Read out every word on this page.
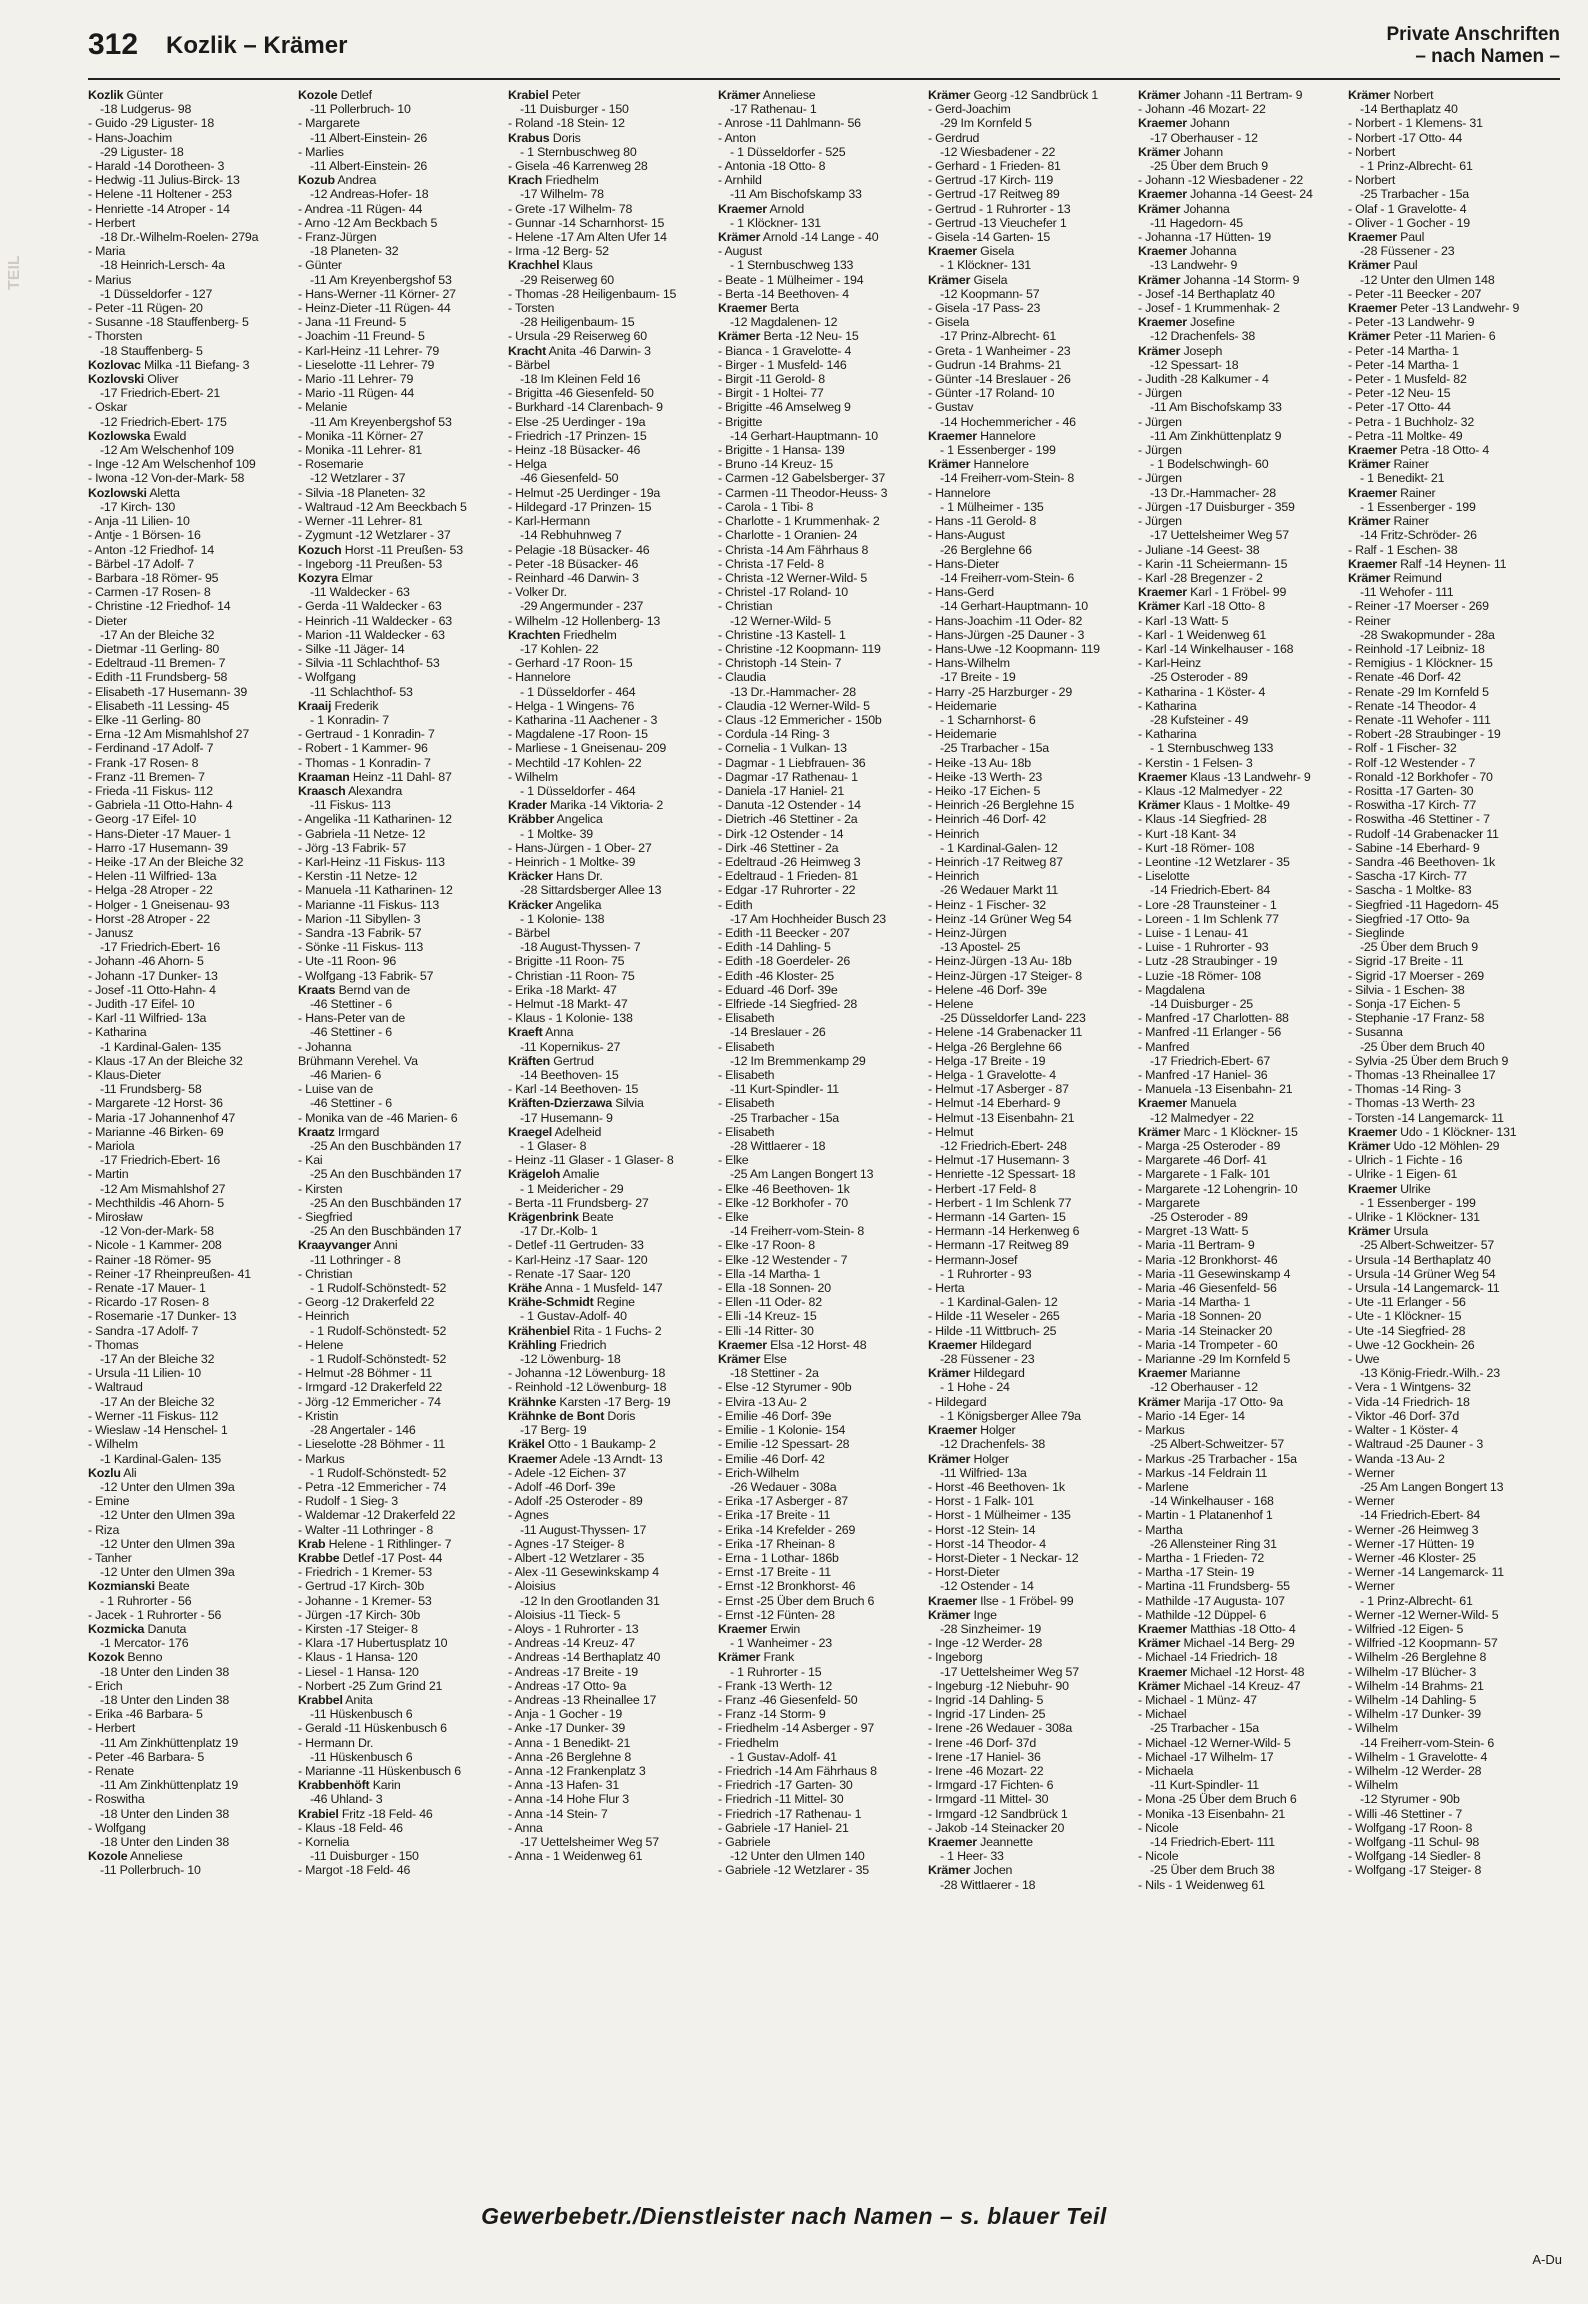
312 Kozlik – Krämer	Private Anschriften
– nach Namen –
TEIL
Kozlik Günter
-18 Ludgerus- 98
- Guido -29 Liguster- 18
- Hans-Joachim
-29 Liguster- 18
- Harald -14 Dorotheen- 3
- Hedwig -11 Julius-Birck- 13
- Helene -11 Holtener - 253
- Henriette -14 Atroper - 14
- Herbert
-18 Dr.-Wilhelm-Roelen- 279a
- Maria
-18 Heinrich-Lersch- 4a
- Marius
-1 Düsseldorfer - 127
- Peter -11 Rügen- 20
- Susanne -18 Stauffenberg- 5
- Thorsten
-18 Stauffenberg- 5
Kozlovac Milka -11 Biefang- 3
Kozlovski Oliver
-17 Friedrich-Ebert- 21
- Oskar
-12 Friedrich-Ebert- 175
Kozlowska Ewald
-12 Am Welschenhof 109
- Inge -12 Am Welschenhof 109
- Iwona -12 Von-der-Mark- 58
Kozlowski Aletta
-17 Kirch- 130
- Anja -11 Lilien- 10
- Antje - 1 Börsen- 16
- Anton -12 Friedhof- 14
- Bärbel -17 Adolf- 7
- Barbara -18 Römer- 95
- Carmen -17 Rosen- 8
- Christine -12 Friedhof- 14
- Dieter
-17 An der Bleiche 32
- Dietmar -11 Gerling- 80
- Edeltraud -11 Bremen- 7
- Edith -11 Frundsberg- 58
- Elisabeth -17 Husemann- 39
- Elisabeth -11 Lessing- 45
- Elke -11 Gerling- 80
- Erna -12 Am Mismahlshof 27
- Ferdinand -17 Adolf- 7
- Frank -17 Rosen- 8
- Franz -11 Bremen- 7
- Frieda -11 Fiskus- 112
- Gabriela -11 Otto-Hahn- 4
- Georg -17 Eifel- 10
- Hans-Dieter -17 Mauer- 1
- Harro -17 Husemann- 39
- Heike -17 An der Bleiche 32
- Helen -11 Wilfried- 13a
- Helga -28 Atroper - 22
- Holger - 1 Gneisenau- 93
- Horst -28 Atroper - 22
- Janusz
-17 Friedrich-Ebert- 16
- Johann -46 Ahorn- 5
- Johann -17 Dunker- 13
- Josef -11 Otto-Hahn- 4
- Judith -17 Eifel- 10
- Karl -11 Wilfried- 13a
- Katharina
-1 Kardinal-Galen- 135
- Klaus -17 An der Bleiche 32
- Klaus-Dieter
-11 Frundsberg- 58
- Margarete -12 Horst- 36
- Maria -17 Johannenhof 47
- Marianne -46 Birken- 69
- Mariola
-17 Friedrich-Ebert- 16
- Martin
-12 Am Mismahlshof 27
- Mechthildis -46 Ahorn- 5
- Mirosław
-12 Von-der-Mark- 58
- Nicole - 1 Kammer- 208
- Rainer -18 Römer- 95
- Reiner -17 Rheinpreußen- 41
- Renate -17 Mauer- 1
- Ricardo -17 Rosen- 8
- Rosemarie -17 Dunker- 13
- Sandra -17 Adolf- 7
- Thomas
-17 An der Bleiche 32
- Ursula -11 Lilien- 10
- Waltraud
-17 An der Bleiche 32
- Werner -11 Fiskus- 112
- Wieslaw -14 Henschel- 1
- Wilhelm
-1 Kardinal-Galen- 135
Kozlu Ali
-12 Unter den Ulmen 39a
- Emine
-12 Unter den Ulmen 39a
- Riza
-12 Unter den Ulmen 39a
- Tanher
-12 Unter den Ulmen 39a
Kozmianski Beate
- 1 Ruhrorter - 56
- Jacek - 1 Ruhrorter - 56
Kozmicka Danuta
-1 Mercator- 176
Kozok Benno
-18 Unter den Linden 38
- Erich
-18 Unter den Linden 38
- Erika -46 Barbara- 5
- Herbert
-11 Am Zinkhüttenplatz 19
- Peter -46 Barbara- 5
- Renate
-11 Am Zinkhüttenplatz 19
- Roswitha
-18 Unter den Linden 38
- Wolfgang
-18 Unter den Linden 38
Kozole Anneliese
-11 Pollerbruch- 10
Kozole Detlef
-11 Pollerbruch- 10
- Margarete
-11 Albert-Einstein- 26
- Marlies
-11 Albert-Einstein- 26
Kozub Andrea
-12 Andreas-Hofer- 18
- Andrea -11 Rügen- 44
- Arno -12 Am Beckbach 5
- Franz-Jürgen
-18 Planeten- 32
- Günter
-11 Am Kreyenbergshof 53
- Hans-Werner -11 Körner- 27
- Heinz-Dieter -11 Rügen- 44
- Jana -11 Freund- 5
- Joachim -11 Freund- 5
- Karl-Heinz -11 Lehrer- 79
- Lieselotte -11 Lehrer- 79
- Mario -11 Lehrer- 79
- Mario -11 Rügen- 44
- Melanie
-11 Am Kreyenbergshof 53
- Monika -11 Körner- 27
- Monika -11 Lehrer- 81
- Rosemarie
-12 Wetzlarer - 37
- Silvia -18 Planeten- 32
- Waltraud -12 Am Beeckbach 5
- Werner -11 Lehrer- 81
- Zygmunt -12 Wetzlarer - 37
Kozuch Horst -11 Preußen- 53
- Ingeborg -11 Preußen- 53
Kozyra Elmar
-11 Waldecker - 63
- Gerda -11 Waldecker - 63
- Heinrich -11 Waldecker - 63
- Marion -11 Waldecker - 63
- Silke -11 Jäger- 14
- Silvia -11 Schlachthof- 53
- Wolfgang
-11 Schlachthof- 53
Kraaij Frederik
- 1 Konradin- 7
- Gertraud - 1 Konradin- 7
- Robert - 1 Kammer- 96
- Thomas - 1 Konradin- 7
Kraaman Heinz -11 Dahl- 87
Kraasch Alexandra
-11 Fiskus- 113
- Angelika -11 Katharinen- 12
- Gabriela -11 Netze- 12
- Jörg -13 Fabrik- 57
- Karl-Heinz -11 Fiskus- 113
- Kerstin -11 Netze- 12
- Manuela -11 Katharinen- 12
- Marianne -11 Fiskus- 113
- Marion -11 Sibyllen- 3
- Sandra -13 Fabrik- 57
- Sönke -11 Fiskus- 113
- Ute -11 Roon- 96
- Wolfgang -13 Fabrik- 57
Kraats Bernd van de
-46 Stettiner - 6
- Hans-Peter van de
-46 Stettiner - 6
- Johanna
Brühmann Verehel. Va
-46 Marien- 6
- Luise van de
-46 Stettiner - 6
- Monika van de -46 Marien- 6
Kraatz Irmgard
-25 An den Buschbänden 17
- Kai
-25 An den Buschbänden 17
- Kirsten
-25 An den Buschbänden 17
- Siegfried
-25 An den Buschbänden 17
Kraayvanger Anni
-11 Lothringer - 8
- Christian
- 1 Rudolf-Schönstedt- 52
- Georg -12 Drakerfeld 22
- Heinrich
- 1 Rudolf-Schönstedt- 52
- Helene
- 1 Rudolf-Schönstedt- 52
- Helmut -28 Böhmer - 11
- Irmgard -12 Drakerfeld 22
- Jörg -12 Emmericher - 74
- Kristin
-28 Angertaler - 146
- Lieselotte -28 Böhmer - 11
- Markus
- 1 Rudolf-Schönstedt- 52
- Petra -12 Emmericher - 74
- Rudolf - 1 Sieg- 3
- Waldemar -12 Drakerfeld 22
- Walter -11 Lothringer - 8
Krab Helene - 1 Rithlinger- 7
Krabbe Detlef -17 Post- 44
- Friedrich - 1 Kremer- 53
- Gertrud -17 Kirch- 30b
- Johanne - 1 Kremer- 53
- Jürgen -17 Kirch- 30b
- Kirsten -17 Steiger- 8
- Klara -17 Hubertusplatz 10
- Klaus - 1 Hansa- 120
- Liesel - 1 Hansa- 120
- Norbert -25 Zum Grind 21
Krabbel Anita
-11 Hüskenbusch 6
- Gerald -11 Hüskenbusch 6
- Hermann Dr.
-11 Hüskenbusch 6
- Marianne -11 Hüskenbusch 6
Krabbenhöft Karin
-46 Uhland- 3
Krabiel Fritz -18 Feld- 46
- Klaus -18 Feld- 46
- Kornelia
-11 Duisburger - 150
- Margot -18 Feld- 46
Krabiel Peter
-11 Duisburger - 150
- Roland -18 Stein- 12
Krabus Doris
- 1 Sternbuschweg 80
- Gisela -46 Karrenweg 28
Krach Friedhelm
-17 Wilhelm- 78
- Grete -17 Wilhelm- 78
- Gunnar -14 Scharnhorst- 15
- Helene -17 Am Alten Ufer 14
- Irma -12 Berg- 52
Krachhel Klaus
-29 Reiserweg 60
- Thomas -28 Heiligenbaum- 15
- Torsten
-28 Heiligenbaum- 15
- Ursula -29 Reiserweg 60
Kracht Anita -46 Darwin- 3
- Bärbel
-18 Im Kleinen Feld 16
- Brigitta -46 Giesenfeld- 50
- Burkhard -14 Clarenbach- 9
- Else -25 Uerdinger - 19a
- Friedrich -17 Prinzen- 15
- Heinz -18 Büsacker- 46
- Helga
-46 Giesenfeld- 50
- Helmut -25 Uerdinger - 19a
- Hildegard -17 Prinzen- 15
- Karl-Hermann
-14 Rebhuhnweg 7
- Pelagie -18 Büsacker- 46
- Peter -18 Büsacker- 46
- Reinhard -46 Darwin- 3
- Volker Dr.
-29 Angermunder - 237
- Wilhelm -12 Hollenberg- 13
Krachten Friedhelm
-17 Kohlen- 22
- Gerhard -17 Roon- 15
- Hannelore
- 1 Düsseldorfer - 464
- Helga - 1 Wingens- 76
- Katharina -11 Aachener - 3
- Magdalene -17 Roon- 15
- Marliese - 1 Gneisenau- 209
- Mechtild -17 Kohlen- 22
- Wilhelm
- 1 Düsseldorfer - 464
Krader Marika -14 Viktoria- 2
Kräbber Angelica
- 1 Moltke- 39
- Hans-Jürgen - 1 Ober- 27
- Heinrich - 1 Moltke- 39
Kräcker Hans Dr.
-28 Sittardsberger Allee 13
Kräcker Angelika
- 1 Kolonie- 138
- Bärbel
-18 August-Thyssen- 7
- Brigitte -11 Roon- 75
- Christian -11 Roon- 75
- Erika -18 Markt- 47
- Helmut -18 Markt- 47
- Klaus - 1 Kolonie- 138
Kraeft Anna
-11 Kopernikus- 27
Kräften Gertrud
-14 Beethoven- 15
- Karl -14 Beethoven- 15
Kräften-Dzierzawa Silvia
-17 Husemann- 9
Kraegel Adelheid
- 1 Glaser- 8
- Heinz -11 Glaser - 1 Glaser- 8
Krägeloh Amalie
- 1 Meidericher - 29
- Berta -11 Frundsberg- 27
Krägenbrink Beate
-17 Dr.-Kolb- 1
- Detlef -11 Gertruden- 33
- Karl-Heinz -17 Saar- 120
- Renate -17 Saar- 120
Krähe Anna - 1 Musfeld- 147
Krähe-Schmidt Regine
- 1 Gustav-Adolf- 40
Krähenbiel Rita - 1 Fuchs- 2
Krähling Friedrich
-12 Löwenburg- 18
- Johanna -12 Löwenburg- 18
- Reinhold -12 Löwenburg- 18
Krähnke Karsten -17 Berg- 19
Krähnke de Bont Doris
-17 Berg- 19
Kräkel Otto - 1 Baukamp- 2
Kraemer Adele -13 Arndt- 13
- Adele -12 Eichen- 37
- Adolf -46 Dorf- 39e
- Adolf -25 Osteroder - 89
- Agnes
-11 August-Thyssen- 17
- Agnes -17 Steiger- 8
- Albert -12 Wetzlarer - 35
- Alex -11 Gesewinkskamp 4
- Aloisius
-12 In den Grootlanden 31
- Aloisius -11 Tieck- 5
- Aloys - 1 Ruhrorter - 13
- Andreas -14 Kreuz- 47
- Andreas -14 Berthaplatz 40
- Andreas -17 Breite - 19
- Andreas -17 Otto- 9a
- Andreas -13 Rheinallee 17
- Anja - 1 Gocher - 19
- Anke -17 Dunker- 39
- Anna - 1 Benedikt- 21
- Anna -26 Berglehne 8
- Anna -12 Frankenplatz 3
- Anna -13 Hafen- 31
- Anna -14 Hohe Flur 3
- Anna -14 Stein- 7
- Anna
-17 Uettelsheimer Weg 57
- Anna - 1 Weidenweg 61
Krämer Anneliese
-17 Rathenau- 1
- Anrose -11 Dahlmann- 56
- Anton
- 1 Düsseldorfer - 525
- Antonia -18 Otto- 8
- Arnhild
-11 Am Bischofskamp 33
Kraemer Arnold
- 1 Klöckner- 131
Krämer Arnold -14 Lange - 40
- August
- 1 Sternbuschweg 133
- Beate - 1 Mülheimer - 194
- Berta -14 Beethoven- 4
Kraemer Berta
-12 Magdalenen- 12
Krämer Berta -12 Neu- 15
- Bianca - 1 Gravelotte- 4
- Birger - 1 Musfeld- 146
- Birgit -11 Gerold- 8
- Birgit - 1 Holtei- 77
- Brigitte -46 Amselweg 9
- Brigitte
-14 Gerhart-Hauptmann- 10
- Brigitte - 1 Hansa- 139
- Bruno -14 Kreuz- 15
- Carmen -12 Gabelsberger- 37
- Carmen -11 Theodor-Heuss- 3
- Carola - 1 Tibi- 8
- Charlotte - 1 Krummenhak- 2
- Charlotte - 1 Oranien- 24
- Christa -14 Am Fährhaus 8
- Christa -17 Feld- 8
- Christa -12 Werner-Wild- 5
- Christel -17 Roland- 10
- Christian
-12 Werner-Wild- 5
- Christine -13 Kastell- 1
- Christine -12 Koopmann- 119
- Christoph -14 Stein- 7
- Claudia
-13 Dr.-Hammacher- 28
- Claudia -12 Werner-Wild- 5
- Claus -12 Emmericher - 150b
- Cordula -14 Ring- 3
- Cornelia - 1 Vulkan- 13
- Dagmar - 1 Liebfrauen- 36
- Dagmar -17 Rathenau- 1
- Daniela -17 Haniel- 21
- Danuta -12 Ostender - 14
- Dietrich -46 Stettiner - 2a
- Dirk -12 Ostender - 14
- Dirk -46 Stettiner - 2a
- Edeltraud -26 Heimweg 3
- Edeltraud - 1 Frieden- 81
- Edgar -17 Ruhrorter - 22
- Edith
-17 Am Hochheider Busch 23
- Edith -11 Beecker - 207
- Edith -14 Dahling- 5
- Edith -18 Goerdeler- 26
- Edith -46 Kloster- 25
- Eduard -46 Dorf- 39e
- Elfriede -14 Siegfried- 28
- Elisabeth
-14 Breslauer - 26
- Elisabeth
-12 Im Bremmenkamp 29
- Elisabeth
-11 Kurt-Spindler- 11
- Elisabeth
-25 Trarbacher - 15a
- Elisabeth
-28 Wittlaerer - 18
- Elke
-25 Am Langen Bongert 13
- Elke -46 Beethoven- 1k
- Elke -12 Borkhofer - 70
- Elke
-14 Freiherr-vom-Stein- 8
- Elke -17 Roon- 8
- Elke -12 Westender - 7
- Ella -14 Martha- 1
- Ella -18 Sonnen- 20
- Ellen -11 Oder- 82
- Elli -14 Kreuz- 15
- Elli -14 Ritter- 30
Kraemer Elsa -12 Horst- 48
Krämer Else
-18 Stettiner - 2a
- Else -12 Styrumer - 90b
- Elvira -13 Au- 2
- Emilie -46 Dorf- 39e
- Emilie - 1 Kolonie- 154
- Emilie -12 Spessart- 28
- Emilie -46 Dorf- 42
- Erich-Wilhelm
-26 Wedauer - 308a
- Erika -17 Asberger - 87
- Erika -17 Breite - 11
- Erika -14 Krefelder - 269
- Erika -17 Rheinan- 8
- Erna - 1 Lothar- 186b
- Ernst -17 Breite - 11
- Ernst -12 Bronkhorst- 46
- Ernst -25 Über dem Bruch 6
- Ernst -12 Fünten- 28
Kraemer Erwin
- 1 Wanheimer - 23
Krämer Frank
- 1 Ruhrorter - 15
- Frank -13 Werth- 12
- Franz -46 Giesenfeld- 50
- Franz -14 Storm- 9
- Friedhelm -14 Asberger - 97
- Friedhelm
- 1 Gustav-Adolf- 41
- Friedrich -14 Am Fährhaus 8
- Friedrich -17 Garten- 30
- Friedrich -11 Mittel- 30
- Friedrich -17 Rathenau- 1
- Gabriele -17 Haniel- 21
- Gabriele
-12 Unter den Ulmen 140
- Gabriele -12 Wetzlarer - 35
Krämer Georg -12 Sandbrück 1
- Gerd-Joachim
-29 Im Kornfeld 5
- Gerdrud
-12 Wiesbadener - 22
- Gerhard - 1 Frieden- 81
- Gertrud -17 Kirch- 119
- Gertrud -17 Reitweg 89
- Gertrud - 1 Ruhrorter - 13
- Gertrud -13 Vieuchefer 1
- Gisela -14 Garten- 15
Kraemer Gisela
- 1 Klöckner- 131
Krämer Gisela
-12 Koopmann- 57
- Gisela -17 Pass- 23
- Gisela
-17 Prinz-Albrecht- 61
- Greta - 1 Wanheimer - 23
- Gudrun -14 Brahms- 21
- Günter -14 Breslauer - 26
- Günter -17 Roland- 10
- Gustav
-14 Hochemmericher - 46
Kraemer Hannelore
- 1 Essenberger - 199
Krämer Hannelore
-14 Freiherr-vom-Stein- 8
- Hannelore
- 1 Mülheimer - 135
- Hans -11 Gerold- 8
- Hans-August
-26 Berglehne 66
- Hans-Dieter
-14 Freiherr-vom-Stein- 6
- Hans-Gerd
-14 Gerhart-Hauptmann- 10
- Hans-Joachim -11 Oder- 82
- Hans-Jürgen -25 Dauner - 3
- Hans-Uwe -12 Koopmann- 119
- Hans-Wilhelm
-17 Breite - 19
- Harry -25 Harzburger - 29
- Heidemarie
- 1 Scharnhorst- 6
- Heidemarie
-25 Trarbacher - 15a
- Heike -13 Au- 18b
- Heike -13 Werth- 23
- Heiko -17 Eichen- 5
- Heinrich -26 Berglehne 15
- Heinrich -46 Dorf- 42
- Heinrich
- 1 Kardinal-Galen- 12
- Heinrich -17 Reitweg 87
- Heinrich
-26 Wedauer Markt 11
- Heinz - 1 Fischer- 32
- Heinz -14 Grüner Weg 54
- Heinz-Jürgen
-13 Apostel- 25
- Heinz-Jürgen -13 Au- 18b
- Heinz-Jürgen -17 Steiger- 8
- Helene -46 Dorf- 39e
- Helene
-25 Düsseldorfer Land- 223
- Helene -14 Grabenacker 11
- Helga -26 Berglehne 66
- Helga -17 Breite - 19
- Helga - 1 Gravelotte- 4
- Helmut -17 Asberger - 87
- Helmut -14 Eberhard- 9
- Helmut -13 Eisenbahn- 21
- Helmut
-12 Friedrich-Ebert- 248
- Helmut -17 Husemann- 3
- Henriette -12 Spessart- 18
- Herbert -17 Feld- 8
- Herbert - 1 Im Schlenk 77
- Hermann -14 Garten- 15
- Hermann -14 Herkenweg 6
- Hermann -17 Reitweg 89
- Hermann-Josef
- 1 Ruhrorter - 93
- Herta
- 1 Kardinal-Galen- 12
- Hilde -11 Weseler - 265
- Hilde -11 Wittbruch- 25
Kraemer Hildegard
-28 Füssener - 23
Krämer Hildegard
- 1 Hohe - 24
- Hildegard
- 1 Königsberger Allee 79a
Kraemer Holger
-12 Drachenfels- 38
Krämer Holger
-11 Wilfried- 13a
- Horst -46 Beethoven- 1k
- Horst - 1 Falk- 101
- Horst - 1 Mülheimer - 135
- Horst -12 Stein- 14
- Horst -14 Theodor- 4
- Horst-Dieter - 1 Neckar- 12
- Horst-Dieter
-12 Ostender - 14
Kraemer Ilse - 1 Fröbel- 99
Krämer Inge
-28 Sinzheimer- 19
- Inge -12 Werder- 28
- Ingeborg
-17 Uettelsheimer Weg 57
- Ingeburg -12 Niebuhr- 90
- Ingrid -14 Dahling- 5
- Ingrid -17 Linden- 25
- Irene -26 Wedauer - 308a
- Irene -46 Dorf- 37d
- Irene -17 Haniel- 36
- Irene -46 Mozart- 22
- Irmgard -17 Fichten- 6
- Irmgard -11 Mittel- 30
- Irmgard -12 Sandbrück 1
- Jakob -14 Steinacker 20
Kraemer Jeannette
- 1 Heer- 33
Krämer Jochen
-28 Wittlaerer - 18
Krämer Johann -11 Bertram- 9
- Johann -46 Mozart- 22
Kraemer Johann
-17 Oberhauser - 12
Krämer Johann
-25 Über dem Bruch 9
- Johann -12 Wiesbadener - 22
Kraemer Johanna -14 Geest- 24
Krämer Johanna
-11 Hagedorn- 45
- Johanna -17 Hütten- 19
Kraemer Johanna
-13 Landwehr- 9
Krämer Johanna -14 Storm- 9
- Josef -14 Berthaplatz 40
- Josef - 1 Krummenhak- 2
Kraemer Josefine
-12 Drachenfels- 38
Krämer Joseph
-12 Spessart- 18
- Judith -28 Kalkumer - 4
- Jürgen
-11 Am Bischofskamp 33
- Jürgen
-11 Am Zinkhüttenplatz 9
- Jürgen
- 1 Bodelschwingh- 60
- Jürgen
-13 Dr.-Hammacher- 28
- Jürgen -17 Duisburger - 359
- Jürgen
-17 Uettelsheimer Weg 57
- Juliane -14 Geest- 38
- Karin -11 Scheiermann- 15
- Karl -28 Bregenzer - 2
Kraemer Karl - 1 Fröbel- 99
Krämer Karl -18 Otto- 8
- Karl -13 Watt- 5
- Karl - 1 Weidenweg 61
- Karl -14 Winkelhauser - 168
- Karl-Heinz
-25 Osteroder - 89
- Katharina - 1 Köster- 4
- Katharina
-28 Kufsteiner - 49
- Katharina
- 1 Sternbuschweg 133
- Kerstin - 1 Felsen- 3
Kraemer Klaus -13 Landwehr- 9
- Klaus -12 Malmedyer - 22
Krämer Klaus - 1 Moltke- 49
- Klaus -14 Siegfried- 28
- Kurt -18 Kant- 34
- Kurt -18 Römer- 108
- Leontine -12 Wetzlarer - 35
- Liselotte
-14 Friedrich-Ebert- 84
- Lore -28 Traunsteiner - 1
- Loreen - 1 Im Schlenk 77
- Luise - 1 Lenau- 41
- Luise - 1 Ruhrorter - 93
- Lutz -28 Straubinger - 19
- Luzie -18 Römer- 108
- Magdalena
-14 Duisburger - 25
- Manfred -17 Charlotten- 88
- Manfred -11 Erlanger - 56
- Manfred
-17 Friedrich-Ebert- 67
- Manfred -17 Haniel- 36
- Manuela -13 Eisenbahn- 21
Kraemer Manuela
-12 Malmedyer - 22
Krämer Marc - 1 Klöckner- 15
- Marga -25 Osteroder - 89
- Margarete -46 Dorf- 41
- Margarete - 1 Falk- 101
- Margarete -12 Lohengrin- 10
- Margarete
-25 Osteroder - 89
- Margret -13 Watt- 5
- Maria -11 Bertram- 9
- Maria -12 Bronkhorst- 46
- Maria -11 Gesewinskamp 4
- Maria -46 Giesenfeld- 56
- Maria -14 Martha- 1
- Maria -18 Sonnen- 20
- Maria -14 Steinacker 20
- Maria -14 Trompeter - 60
- Marianne -29 Im Kornfeld 5
Kraemer Marianne
-12 Oberhauser - 12
Krämer Marija -17 Otto- 9a
- Mario -14 Eger- 14
- Markus
-25 Albert-Schweitzer- 57
- Markus -25 Trarbacher - 15a
- Markus -14 Feldrain 11
- Marlene
-14 Winkelhauser - 168
- Martin - 1 Platanenhof 1
- Martha
-26 Allensteiner Ring 31
- Martha - 1 Frieden- 72
- Martha -17 Stein- 19
- Martina -11 Frundsberg- 55
- Mathilde -17 Augusta- 107
- Mathilde -12 Düppel- 6
Kraemer Matthias -18 Otto- 4
Krämer Michael -14 Berg- 29
- Michael -14 Friedrich- 18
Kraemer Michael -12 Horst- 48
Krämer Michael -14 Kreuz- 47
- Michael - 1 Münz- 47
- Michael
-25 Trarbacher - 15a
- Michael -12 Werner-Wild- 5
- Michael -17 Wilhelm- 17
- Michaela
-11 Kurt-Spindler- 11
- Mona -25 Über dem Bruch 6
- Monika -13 Eisenbahn- 21
- Nicole
-14 Friedrich-Ebert- 111
- Nicole
-25 Über dem Bruch 38
- Nils - 1 Weidenweg 61
Krämer Norbert
-14 Berthaplatz 40
- Norbert - 1 Klemens- 31
- Norbert -17 Otto- 44
- Norbert
- 1 Prinz-Albrecht- 61
- Norbert
-25 Trarbacher - 15a
- Olaf - 1 Gravelotte- 4
- Oliver - 1 Gocher - 19
Kraemer Paul
-28 Füssener - 23
Krämer Paul
-12 Unter den Ulmen 148
- Peter -11 Beecker - 207
Kraemer Peter -13 Landwehr- 9
- Peter -13 Landwehr- 9
Krämer Peter -11 Marien- 6
- Peter -14 Martha- 1
- Peter -14 Martha- 1
- Peter - 1 Musfeld- 82
- Peter -12 Neu- 15
- Peter -17 Otto- 44
- Petra - 1 Buchholz- 32
- Petra -11 Moltke- 49
Kraemer Petra -18 Otto- 4
Krämer Rainer
- 1 Benedikt- 21
Kraemer Rainer
- 1 Essenberger - 199
Krämer Rainer
-14 Fritz-Schröder- 26
- Ralf - 1 Eschen- 38
Kraemer Ralf -14 Heynen- 11
Krämer Reimund
-11 Wehofer - 111
- Reiner -17 Moerser - 269
- Reiner
-28 Swakopmunder - 28a
- Reinhold -17 Leibniz- 18
- Remigius - 1 Klöckner- 15
- Renate -46 Dorf- 42
- Renate -29 Im Kornfeld 5
- Renate -14 Theodor- 4
- Renate -11 Wehofer - 111
- Robert -28 Straubinger - 19
- Rolf - 1 Fischer- 32
- Rolf -12 Westender - 7
- Ronald -12 Borkhofer - 70
- Rositta -17 Garten- 30
- Roswitha -17 Kirch- 77
- Roswitha -46 Stettiner - 7
- Rudolf -14 Grabenacker 11
- Sabine -14 Eberhard- 9
- Sandra -46 Beethoven- 1k
- Sascha -17 Kirch- 77
- Sascha - 1 Moltke- 83
- Siegfried -11 Hagedorn- 45
- Siegfried -17 Otto- 9a
- Sieglinde
-25 Über dem Bruch 9
- Sigrid -17 Breite - 11
- Sigrid -17 Moerser - 269
- Silvia - 1 Eschen- 38
- Sonja -17 Eichen- 5
- Stephanie -17 Franz- 58
- Susanna
-25 Über dem Bruch 40
- Sylvia -25 Über dem Bruch 9
- Thomas -13 Rheinallee 17
- Thomas -14 Ring- 3
- Thomas -13 Werth- 23
- Torsten -14 Langemarck- 11
Kraemer Udo - 1 Klöckner- 131
Krämer Udo -12 Möhlen- 29
- Ulrich - 1 Fichte - 16
- Ulrike - 1 Eigen- 61
Kraemer Ulrike
- 1 Essenberger - 199
- Ulrike - 1 Klöckner- 131
Krämer Ursula
-25 Albert-Schweitzer- 57
- Ursula -14 Berthaplatz 40
- Ursula -14 Grüner Weg 54
- Ursula -14 Langemarck- 11
- Ute -11 Erlanger - 56
- Ute - 1 Klöckner- 15
- Ute -14 Siegfried- 28
- Uwe -12 Gockhein- 26
- Uwe
-13 König-Friedr.-Wilh.- 23
- Vera - 1 Wintgens- 32
- Vida -14 Friedrich- 18
- Viktor -46 Dorf- 37d
- Walter - 1 Köster- 4
- Waltraud -25 Dauner - 3
- Wanda -13 Au- 2
- Werner
-25 Am Langen Bongert 13
- Werner
-14 Friedrich-Ebert- 84
- Werner -26 Heimweg 3
- Werner -17 Hütten- 19
- Werner -46 Kloster- 25
- Werner -14 Langemarck- 11
- Werner
- 1 Prinz-Albrecht- 61
- Werner -12 Werner-Wild- 5
- Wilfried -12 Eigen- 5
- Wilfried -12 Koopmann- 57
- Wilhelm -26 Berglehne 8
- Wilhelm -17 Blücher- 3
- Wilhelm -14 Brahms- 21
- Wilhelm -14 Dahling- 5
- Wilhelm -17 Dunker- 39
- Wilhelm
-14 Freiherr-vom-Stein- 6
- Wilhelm - 1 Gravelotte- 4
- Wilhelm -12 Werder- 28
- Wilhelm
-12 Styrumer - 90b
- Willi -46 Stettiner - 7
- Wolfgang -17 Roon- 8
- Wolfgang -11 Schul- 98
- Wolfgang -14 Siedler- 8
- Wolfgang -17 Steiger- 8
Gewerbebetr./Dienstleister nach Namen – s. blauer Teil
A-Du
